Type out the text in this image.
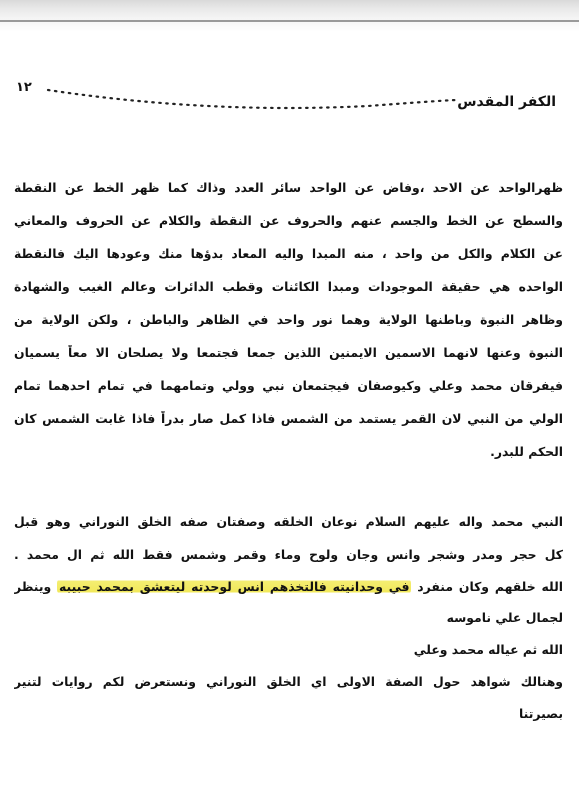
١٢
الكفر المقدس
ظهرالواحد عن الاحد ،وفاض عن الواحد سائر العدد وذاك كما ظهر الخط عن النقطة
والسطح عن الخط والجسم عنهم والحروف عن النقطة والكلام عن الحروف والمعاني
عن الكلام والكل من واحد ، منه المبدا واليه المعاد بدؤها منك وعودها اليك فالنقطة
الواحده هي حقيقة الموجودات ومبدا الكائنات وقطب الدائرات وعالم الغيب والشهادة
وظاهر النبوة وباطنها الولاية وهما نور واحد في الظاهر والباطن ، ولكن الولاية من
النبوة وعنها لانهما الاسمين الايمنين اللذين جمعا فجتمعا ولا يصلحان الا معاً يسميان
فيفرقان محمد وعلي وكيوصفان فيجتمعان نبي وولي وتمامهما في تمام احدهما تمام
الولي من النبي لان القمر يستمد من الشمس فاذا كمل صار بدراً فاذا غابت الشمس كان
الحكم للبدر.
النبي محمد واله عليهم السلام نوعان الخلقه وصفتان صفه الخلق النوراني وهو قبل
كل حجر ومدر وشجر وانس وجان ولوح وماء وقمر وشمس فقط الله ثم ال محمد .
الله خلقهم وكان منفرد في وحدانيته فالتخذهم انس لوحدته ليتعشق بمحمد حبيبه وينظر
لجمال علي ناموسه
الله ثم عياله محمد وعلي
وهنالك شواهد حول الصفة الاولى اي الخلق النوراني ونستعرض لكم روايات لتنير
بصيرتنا
